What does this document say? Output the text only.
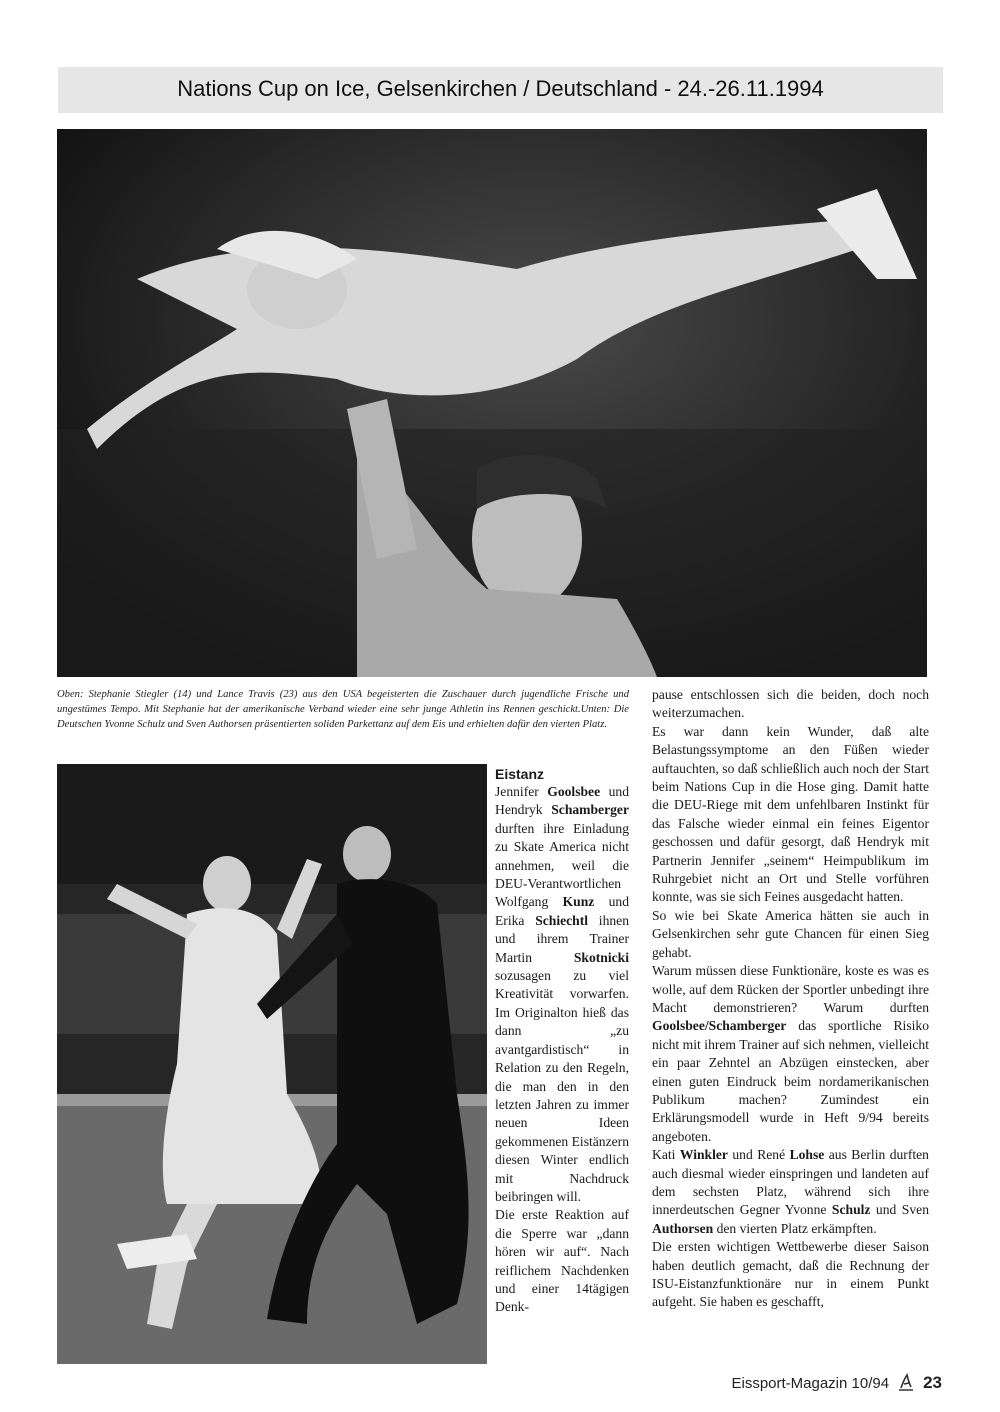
Nations Cup on Ice, Gelsenkirchen / Deutschland - 24.-26.11.1994
Oben: Stephanie Stiegler (14) und Lance Travis (23) aus den USA begeisterten die Zuschauer durch jugendliche Frische und ungestümes Tempo. Mit Stephanie hat der amerikanische Verband wieder eine sehr junge Athletin ins Rennen geschickt.Unten: Die Deutschen Yvonne Schulz und Sven Authorsen präsentierten soliden Parkettanz auf dem Eis und erhielten dafür den vierten Platz.
Eistanz

Jennifer Goolsbee und Hendryk Schamberger durften ihre Einladung zu Skate America nicht annehmen, weil die DEU-Verantwortlichen Wolfgang Kunz und Erika Schiechtl ihnen und ihrem Trainer Martin Skotnicki sozusagen zu viel Kreativität vorwarfen. Im Originalton hieß das dann „zu avantgardistisch“ in Relation zu den Regeln, die man den in den letzten Jahren zu immer neuen Ideen gekommenen Eistänzern diesen Winter endlich mit Nachdruck beibringen will.

Die erste Reaktion auf die Sperre war „dann hören wir auf“. Nach reiflichem Nachdenken und einer 14tägigen Denk-

pause entschlossen sich die beiden, doch noch weiterzumachen.

Es war dann kein Wunder, daß alte Belastungssymptome an den Füßen wieder auftauchten, so daß schließlich auch noch der Start beim Nations Cup in die Hose ging. Damit hatte die DEU-Riege mit dem unfehlbaren Instinkt für das Falsche wieder einmal ein feines Eigentor geschossen und dafür gesorgt, daß Hendryk mit Partnerin Jennifer „seinem“ Heimpublikum im Ruhrgebiet nicht an Ort und Stelle vorführen konnte, was sie sich Feines ausgedacht hatten.

So wie bei Skate America hätten sie auch in Gelsenkirchen sehr gute Chancen für einen Sieg gehabt.

Warum müssen diese Funktionäre, koste es was es wolle, auf dem Rücken der Sportler unbedingt ihre Macht demonstrieren? Warum durften Goolsbee/Schamberger das sportliche Risiko nicht mit ihrem Trainer auf sich nehmen, vielleicht ein paar Zehntel an Abzügen einstecken, aber einen guten Eindruck beim nordamerikanischen Publikum machen? Zumindest ein Erklärungsmodell wurde in Heft 9/94 bereits angeboten.

Kati Winkler und René Lohse aus Berlin durften auch diesmal wieder einspringen und landeten auf dem sechsten Platz, während sich ihre innerdeutschen Gegner Yvonne Schulz und Sven Authorsen den vierten Platz erkämpften.

Die ersten wichtigen Wettbewerbe dieser Saison haben deutlich gemacht, daß die Rechnung der ISU-Eistanzfunktionäre nur in einem Punkt aufgeht. Sie haben es geschafft,

Eissport-Magazin 10/94 23
